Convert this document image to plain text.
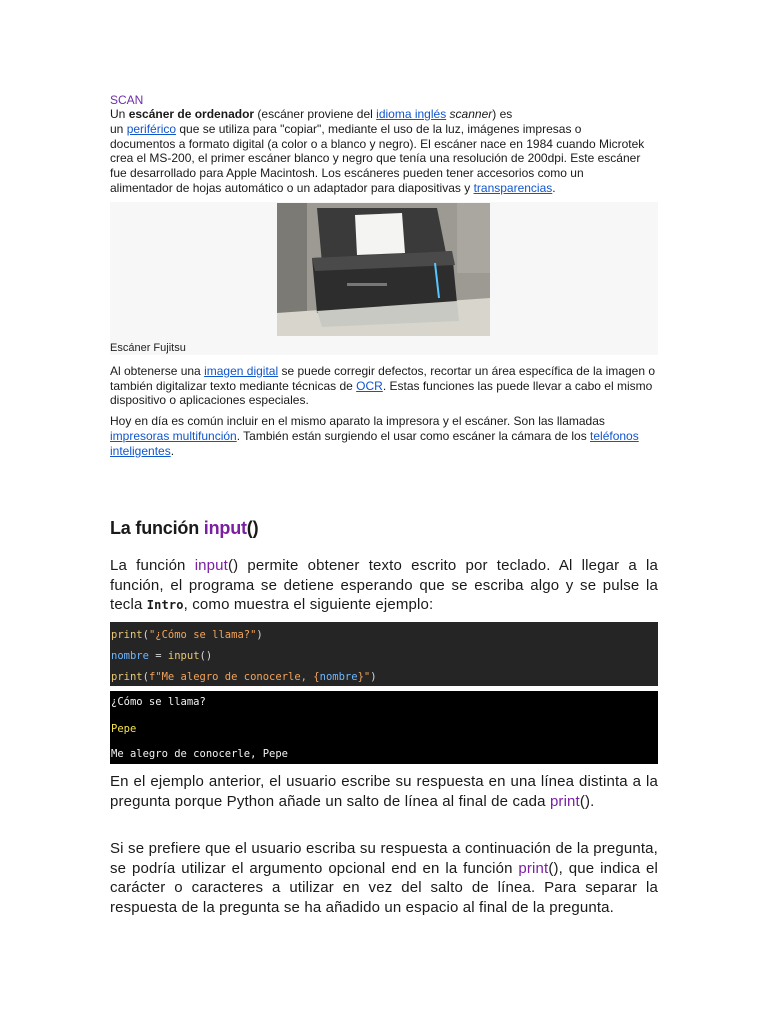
SCAN
Un escáner de ordenador (escáner proviene del idioma inglés scanner) es
un periférico que se utiliza para "copiar", mediante el uso de la luz, imágenes impresas o documentos a formato digital (a color o a blanco y negro). El escáner nace en 1984 cuando Microtek crea el MS-200, el primer escáner blanco y negro que tenía una resolución de 200dpi. Este escáner fue desarrollado para Apple Macintosh. Los escáneres pueden tener accesorios como un alimentador de hojas automático o un adaptador para diapositivas y transparencias.
Escáner Fujitsu
Al obtenerse una imagen digital se puede corregir defectos, recortar un área específica de la imagen o también digitalizar texto mediante técnicas de OCR. Estas funciones las puede llevar a cabo el mismo dispositivo o aplicaciones especiales.
Hoy en día es común incluir en el mismo aparato la impresora y el escáner. Son las llamadas impresoras multifunción. También están surgiendo el usar como escáner la cámara de los teléfonos inteligentes.
La función input()
La función input() permite obtener texto escrito por teclado. Al llegar a la función, el programa se detiene esperando que se escriba algo y se pulse la tecla Intro, como muestra el siguiente ejemplo:
print("¿Cómo se llama?")
nombre = input()
print(f"Me alegro de conocerle, {nombre}")
¿Cómo se llama?
Pepe
Me alegro de conocerle, Pepe
En el ejemplo anterior, el usuario escribe su respuesta en una línea distinta a la pregunta porque Python añade un salto de línea al final de cada print().
Si se prefiere que el usuario escriba su respuesta a continuación de la pregunta, se podría utilizar el argumento opcional end en la función print(), que indica el carácter o caracteres a utilizar en vez del salto de línea. Para separar la respuesta de la pregunta se ha añadido un espacio al final de la pregunta.
